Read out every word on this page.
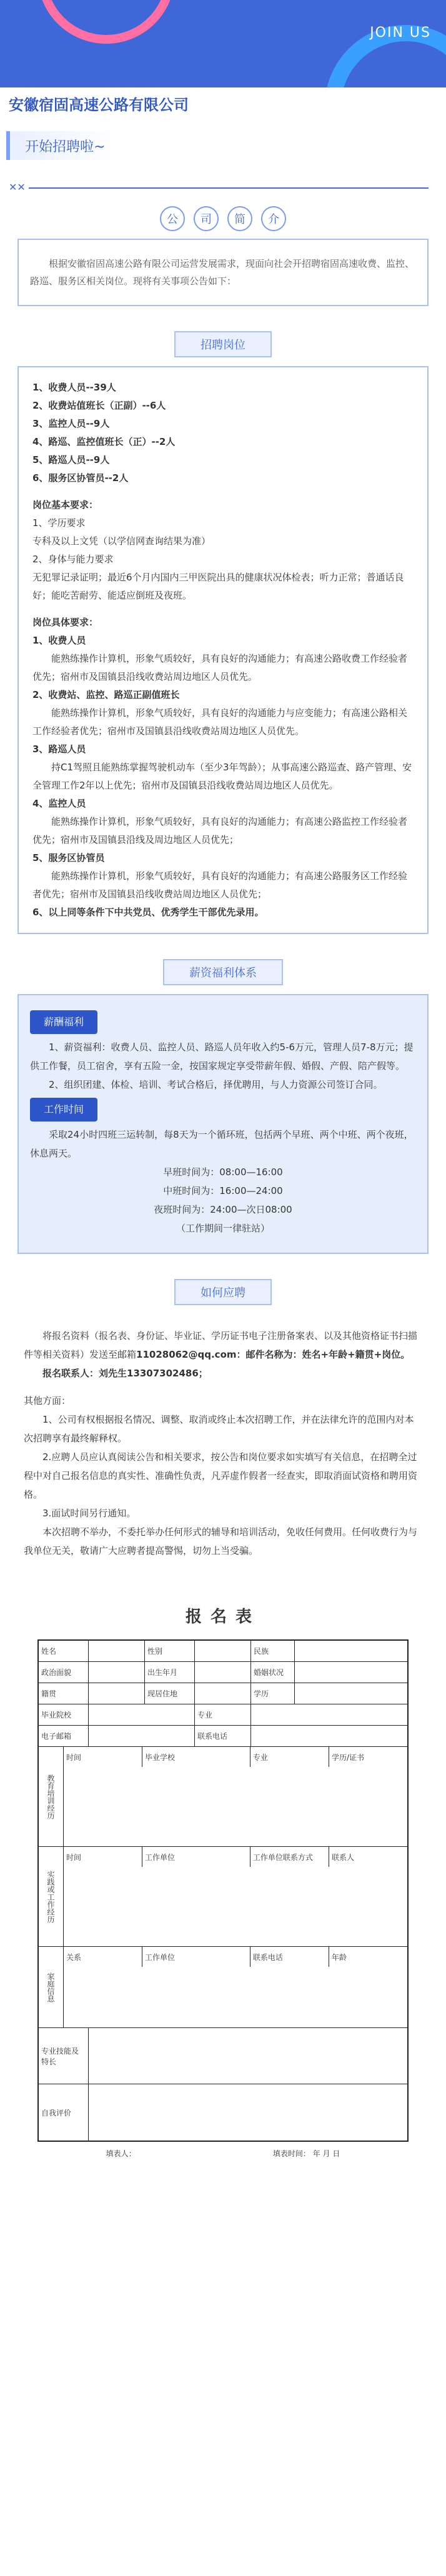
JOIN US
安徽宿固高速公路有限公司
开始招聘啦~
✕✕
公	司	简	介
根据安徽宿固高速公路有限公司运营发展需求，现面向社会开招聘宿固高速收费、监控、路巡、服务区相关岗位。现将有关事项公告如下：
招聘岗位
1、收费人员--39人
2、收费站值班长（正副）--6人
3、监控人员--9人
4、路巡、监控值班长（正）--2人
5、路巡人员--9人
6、服务区协管员--2人
岗位基本要求：
1、学历要求
专科及以上文凭（以学信网查询结果为准）
2、身体与能力要求
无犯罪记录证明；最近6个月内国内三甲医院出具的健康状况体检表；听力正常；普通话良好；能吃苦耐劳、能适应倒班及夜班。
岗位具体要求：
1、收费人员
能熟练操作计算机，形象气质较好，具有良好的沟通能力；有高速公路收费工作经验者优先；宿州市及国镇县沿线收费站周边地区人员优先。
2、收费站、监控、路巡正副值班长
能熟练操作计算机，形象气质较好，具有良好的沟通能力与应变能力；有高速公路相关工作经验者优先；宿州市及国镇县沿线收费站周边地区人员优先。
3、路巡人员
持C1驾照且能熟练掌握驾驶机动车（至少3年驾龄）；从事高速公路巡查、路产管理、安全管理工作2年以上优先；宿州市及国镇县沿线收费站周边地区人员优先。
4、监控人员
能熟练操作计算机，形象气质较好，具有良好的沟通能力；有高速公路监控工作经验者优先；宿州市及国镇县沿线及周边地区人员优先；
5、服务区协管员
能熟练操作计算机，形象气质较好，具有良好的沟通能力；有高速公路服务区工作经验者优先；宿州市及国镇县沿线收费站周边地区人员优先；
6、以上同等条件下中共党员、优秀学生干部优先录用。
薪资福利体系
薪酬福利
1、薪资福利：收费人员、监控人员、路巡人员年收入约5-6万元，管理人员7-8万元；提供工作餐，员工宿舍，享有五险一金，按国家规定享受带薪年假、婚假、产假、陪产假等。
2、组织团建、体检、培训、考试合格后，择优聘用，与人力资源公司签订合同。
工作时间
采取24小时四班三运转制，每8天为一个循环班，包括两个早班、两个中班、两个夜班，休息两天。
早班时间为：08:00—16:00
中班时间为：16:00—24:00
夜班时间为：24:00—次日08:00
（工作期间一律驻站）
如何应聘
将报名资料（报名表、身份证、毕业证、学历证书电子注册备案表、以及其他资格证书扫描件等相关资料）发送至邮箱11028062@qq.com：邮件名称为：姓名+年龄+籍贯+岗位。
报名联系人：刘先生13307302486；
其他方面：
1、公司有权根据报名情况、调整、取消或终止本次招聘工作，并在法律允许的范围内对本次招聘享有最终解释权。
2.应聘人员应认真阅读公告和相关要求，按公告和岗位要求如实填写有关信息，在招聘全过程中对自己报名信息的真实性、准确性负责，凡弄虚作假者一经查实，即取消面试资格和聘用资格。
3.面试时间另行通知。
本次招聘不举办，不委托举办任何形式的辅导和培训活动，免收任何费用。任何收费行为与我单位无关，敬请广大应聘者提高警惕，切勿上当受骗。
报名表
姓名	性别	民族
政治面貌	出生年月	婚姻状况
籍贯	现居住地	学历
毕业院校	专业
电子邮箱	联系电话
教育培训经历
时间	毕业学校	专业	学历/证书
实践或工作经历
时间	工作单位	工作单位联系方式	联系人
家庭信息
关系	工作单位	联系电话	年龄
专业技能及特长
自我评价
填表人：	填表时间： 年 月 日
